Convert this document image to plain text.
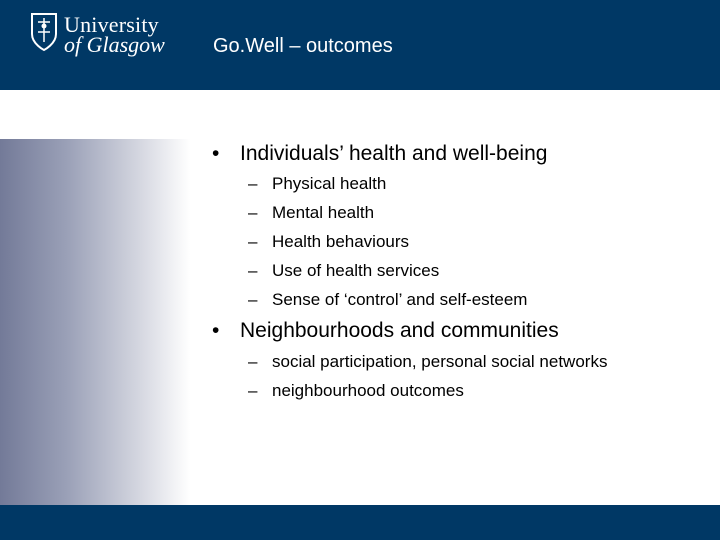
University
of Glasgow Go.Well – outcomes
• Individuals’ health and well-being
– Physical health
– Mental health
– Health behaviours
– Use of health services
– Sense of ‘control’ and self-esteem
• Neighbourhoods and communities
– social participation, personal social networks
– neighbourhood outcomes
